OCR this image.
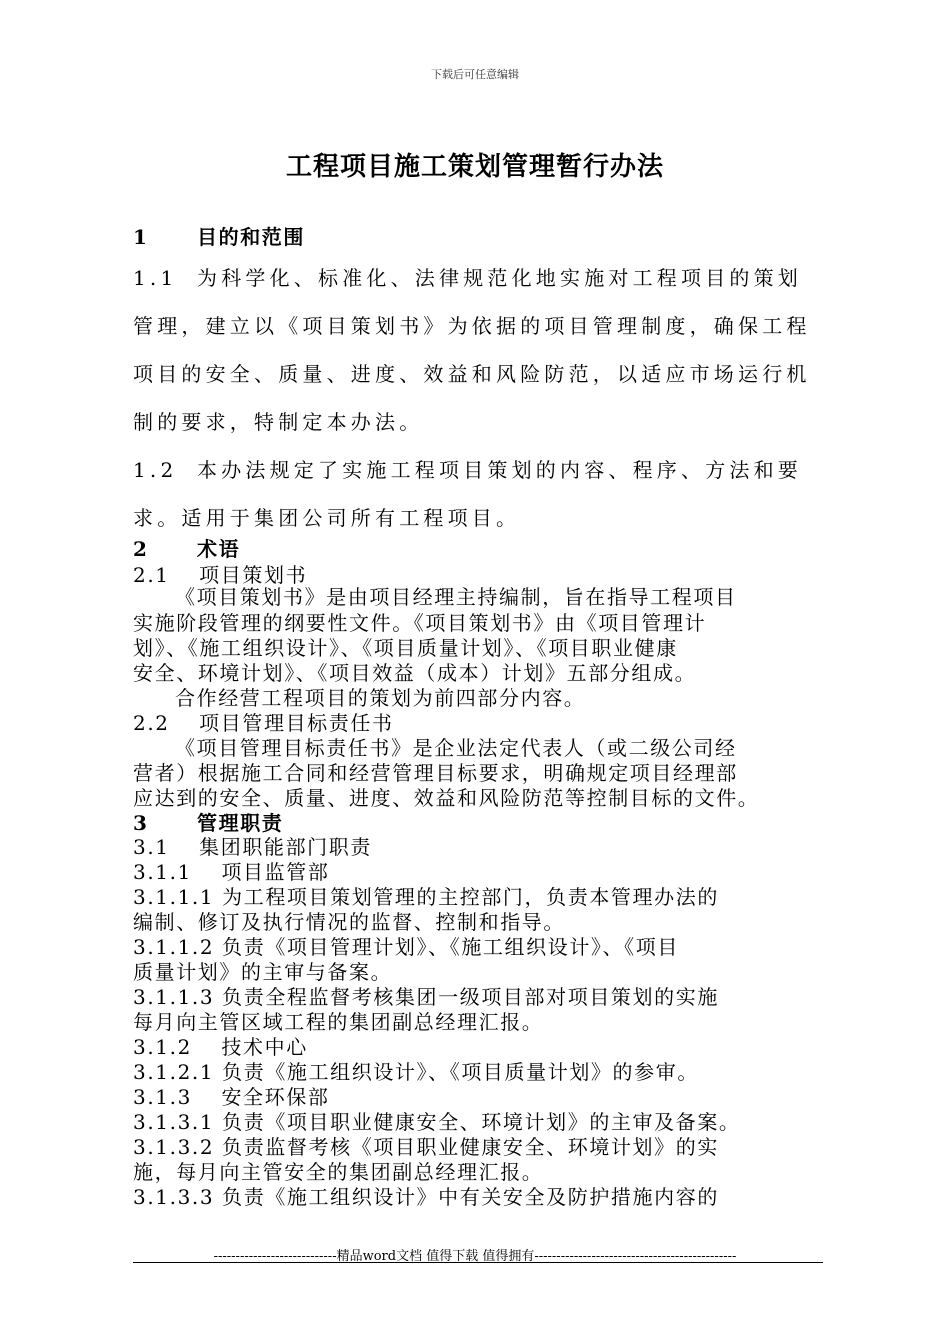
下载后可任意编辑
工程项目施工策划管理暂行办法
1 目的和范围
1.1 为科学化、标准化、法律规范化地实施对工程项目的策划
管理，建立以《项目策划书》为依据的项目管理制度，确保工程
项目的安全、质量、进度、效益和风险防范，以适应市场运行机
制的要求，特制定本办法。
1.2 本办法规定了实施工程项目策划的内容、程序、方法和要
求。适用于集团公司所有工程项目。
2 术语
2.1　 项目策划书
《项目策划书》是由项目经理主持编制，旨在指导工程项目
实施阶段管理的纲要性文件。《项目策划书》由《项目管理计
划》、《施工组织设计》、《项目质量计划》、《项目职业健康
安全、环境计划》、《项目效益（成本）计划》五部分组成。
合作经营工程项目的策划为前四部分内容。
2.2　 项目管理目标责任书
《项目管理目标责任书》是企业法定代表人（或二级公司经
营者）根据施工合同和经营管理目标要求，明确规定项目经理部
应达到的安全、质量、进度、效益和风险防范等控制目标的文件。
3 管理职责
3.1　 集团职能部门职责
3.1.1　 项目监管部
3.1.1.1 为工程项目策划管理的主控部门，负责本管理办法的
编制、修订及执行情况的监督、控制和指导。
3.1.1.2 负责《项目管理计划》、《施工组织设计》、《项目
质量计划》的主审与备案。
3.1.1.3 负责全程监督考核集团一级项目部对项目策划的实施
每月向主管区域工程的集团副总经理汇报。
3.1.2　 技术中心
3.1.2.1 负责《施工组织设计》、《项目质量计划》的参审。
3.1.3　 安全环保部
3.1.3.1 负责《项目职业健康安全、环境计划》的主审及备案。
3.1.3.2 负责监督考核《项目职业健康安全、环境计划》的实
施，每月向主管安全的集团副总经理汇报。
3.1.3.3 负责《施工组织设计》中有关安全及防护措施内容的
----------------------------精品word文档 值得下载 值得拥有----------------------------------------------
